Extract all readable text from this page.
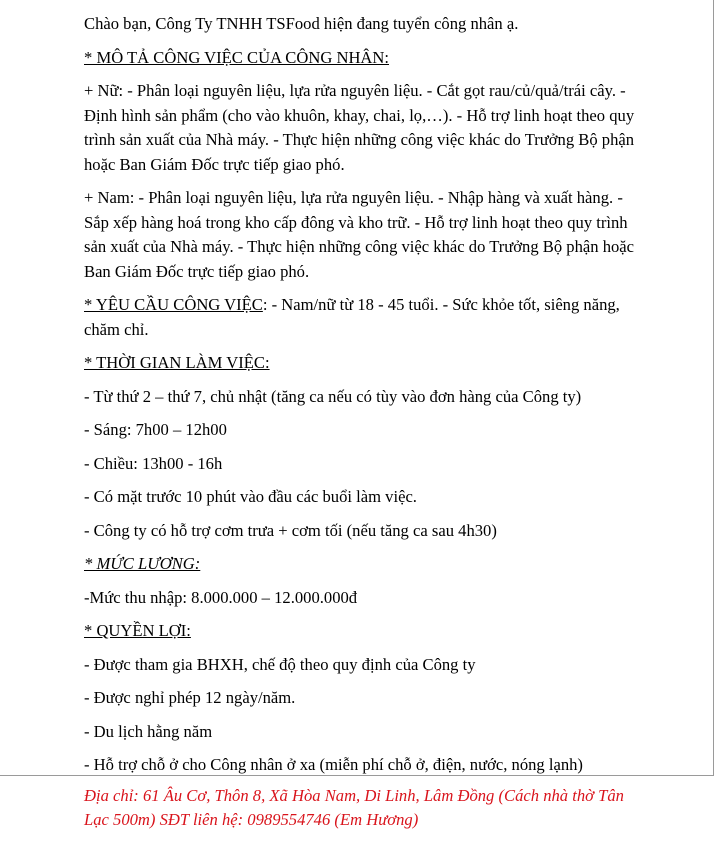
Chào bạn, Công Ty TNHH TSFood hiện đang tuyển công nhân ạ.

* MÔ TẢ CÔNG VIỆC CỦA CÔNG NHÂN:

+ Nữ: - Phân loại nguyên liệu, lựa rửa nguyên liệu. - Cắt gọt rau/củ/quả/trái cây. - Định hình sản phẩm (cho vào khuôn, khay, chai, lọ,…). - Hỗ trợ linh hoạt theo quy trình sản xuất của Nhà máy. - Thực hiện những công việc khác do Trưởng Bộ phận hoặc Ban Giám Đốc trực tiếp giao phó.

+ Nam: - Phân loại nguyên liệu, lựa rửa nguyên liệu. - Nhập hàng và xuất hàng. - Sắp xếp hàng hoá trong kho cấp đông và kho trữ. - Hỗ trợ linh hoạt theo quy trình sản xuất của Nhà máy. - Thực hiện những công việc khác do Trưởng Bộ phận hoặc Ban Giám Đốc trực tiếp giao phó.

* YÊU CẦU CÔNG VIỆC: - Nam/nữ từ 18 - 45 tuổi. - Sức khỏe tốt, siêng năng, chăm chỉ.

* THỜI GIAN LÀM VIỆC:

- Từ thứ 2 – thứ 7, chủ nhật (tăng ca nếu có tùy vào đơn hàng của Công ty)

- Sáng: 7h00 – 12h00

- Chiều: 13h00 - 16h

- Có mặt trước 10 phút vào đầu các buổi làm việc.

- Công ty có hỗ trợ cơm trưa + cơm tối (nếu tăng ca sau 4h30)

* MỨC LƯƠNG:

-Mức thu nhập: 8.000.000 – 12.000.000đ

* QUYỀN LỢI:

- Được tham gia BHXH, chế độ theo quy định của Công ty

- Được nghỉ phép 12 ngày/năm.

- Du lịch hằng năm

- Hỗ trợ chỗ ở cho Công nhân ở xa (miễn phí chỗ ở, điện, nước, nóng lạnh)

Địa chỉ: 61 Âu Cơ, Thôn 8, Xã Hòa Nam, Di Linh, Lâm Đồng (Cách nhà thờ Tân Lạc 500m) SĐT liên hệ: 0989554746 (Em Hương)
